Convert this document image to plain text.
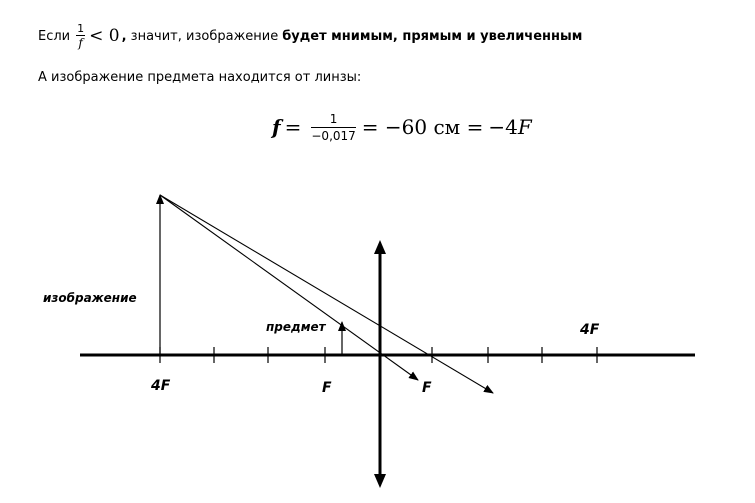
Если $\frac{1}{f} < 0$ , значит, изображение будет мнимым, прямым и увеличенным
А изображение предмета находится от линзы:
$f = \frac{1}{-0,017} = -60$ см = −4 F
изображение
предмет
4F	F	F
4F
